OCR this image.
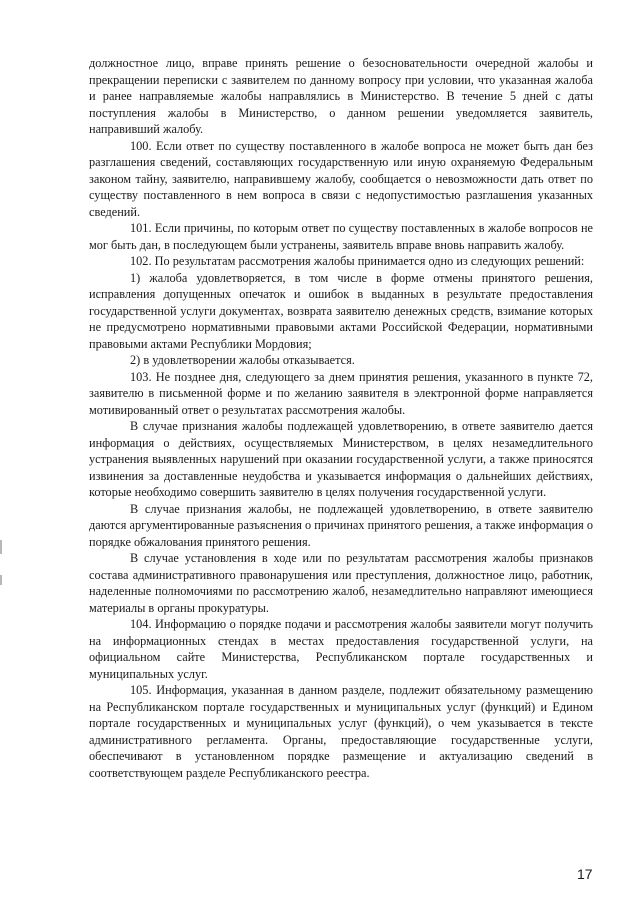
должностное лицо, вправе принять решение о безосновательности очередной жалобы и прекращении переписки с заявителем по данному вопросу при условии, что указанная жалоба и ранее направляемые жалобы направлялись в Министерство. В течение 5 дней с даты поступления жалобы в Министерство, о данном решении уведомляется заявитель, направивший жалобу.

100. Если ответ по существу поставленного в жалобе вопроса не может быть дан без разглашения сведений, составляющих государственную или иную охраняемую Федеральным законом тайну, заявителю, направившему жалобу, сообщается о невозможности дать ответ по существу поставленного в нем вопроса в связи с недопустимостью разглашения указанных сведений.

101. Если причины, по которым ответ по существу поставленных в жалобе вопросов не мог быть дан, в последующем были устранены, заявитель вправе вновь направить жалобу.

102. По результатам рассмотрения жалобы принимается одно из следующих решений:

1) жалоба удовлетворяется, в том числе в форме отмены принятого решения, исправления допущенных опечаток и ошибок в выданных в результате предоставления государственной услуги документах, возврата заявителю денежных средств, взимание которых не предусмотрено нормативными правовыми актами Российской Федерации, нормативными правовыми актами Республики Мордовия;

2) в удовлетворении жалобы отказывается.

103. Не позднее дня, следующего за днем принятия решения, указанного в пункте 72, заявителю в письменной форме и по желанию заявителя в электронной форме направляется мотивированный ответ о результатах рассмотрения жалобы.

В случае признания жалобы подлежащей удовлетворению, в ответе заявителю дается информация о действиях, осуществляемых Министерством, в целях незамедлительного устранения выявленных нарушений при оказании государственной услуги, а также приносятся извинения за доставленные неудобства и указывается информация о дальнейших действиях, которые необходимо совершить заявителю в целях получения государственной услуги.

В случае признания жалобы, не подлежащей удовлетворению, в ответе заявителю даются аргументированные разъяснения о причинах принятого решения, а также информация о порядке обжалования принятого решения.

В случае установления в ходе или по результатам рассмотрения жалобы признаков состава административного правонарушения или преступления, должностное лицо, работник, наделенные полномочиями по рассмотрению жалоб, незамедлительно направляют имеющиеся материалы в органы прокуратуры.

104. Информацию о порядке подачи и рассмотрения жалобы заявители могут получить на информационных стендах в местах предоставления государственной услуги, на официальном сайте Министерства, Республиканском портале государственных и муниципальных услуг.

105. Информация, указанная в данном разделе, подлежит обязательному размещению на Республиканском портале государственных и муниципальных услуг (функций) и Едином портале государственных и муниципальных услуг (функций), о чем указывается в тексте административного регламента. Органы, предоставляющие государственные услуги, обеспечивают в установленном порядке размещение и актуализацию сведений в соответствующем разделе Республиканского реестра.

17
